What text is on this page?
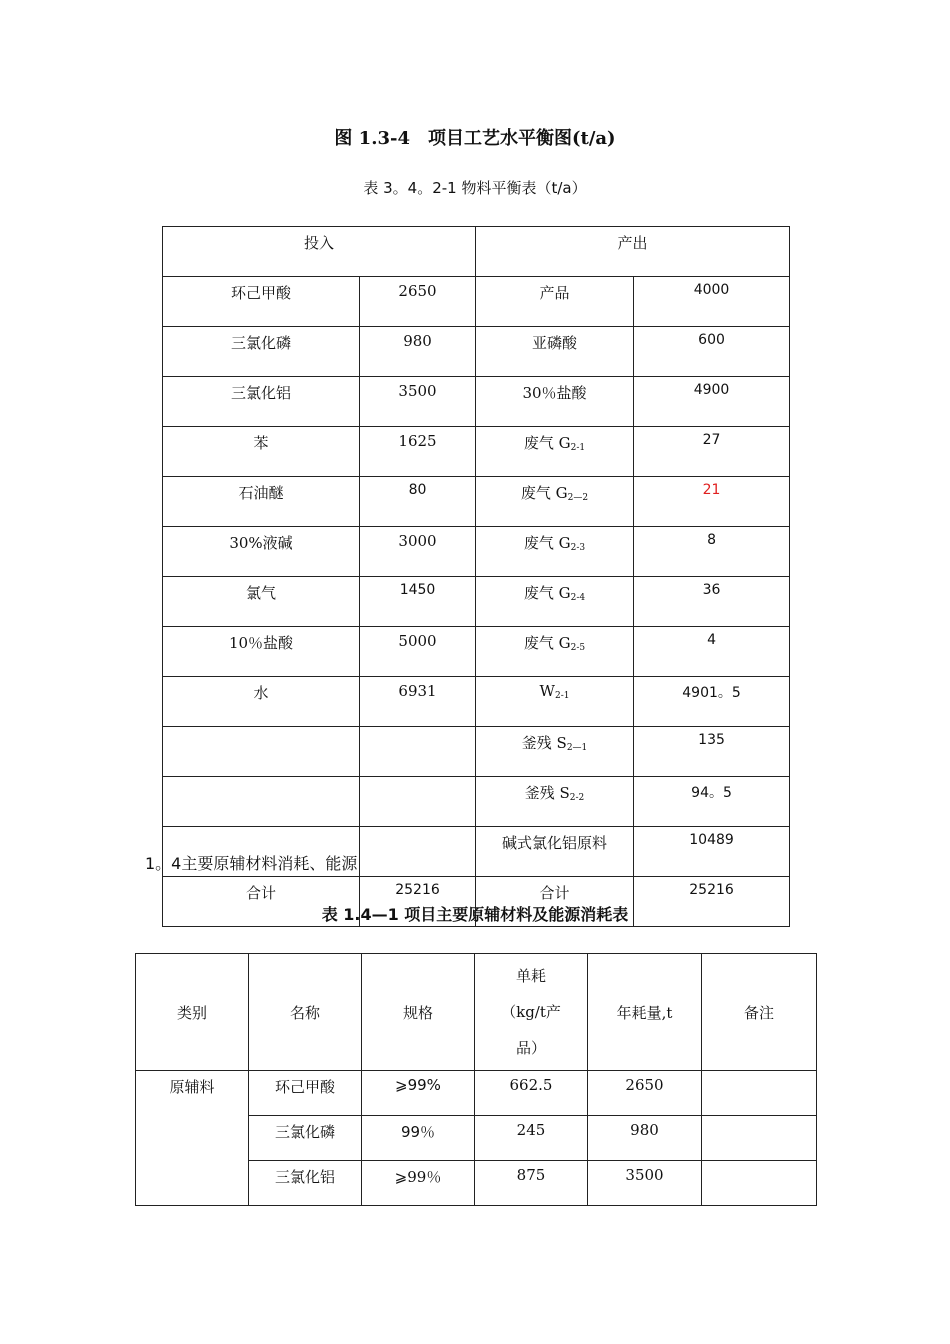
图 1.3-4　项目工艺水平衡图(t/a)
表 3。4。2-1 物料平衡表（t/a）
投入		产出	
环己甲酸	2650	产品	4000
三氯化磷	980	亚磷酸	600
三氯化铝	3500	30％盐酸	4900
苯	1625	废气 $G_{2-1}$	27
石油醚	80	废气 $G_{2—2}$	21
30%液碱	3000	废气 $G_{2-3}$	8
氯气	1450	废气 $G_{2-4}$	36
10％盐酸	5000	废气 $G_{2-5}$	4
水	6931	$W_{2-1}$	4901。5
		釜残 $S_{2—1}$	135
		釜残 $S_{2-2}$	94。5
		碱式氯化铝原料	10489
合计	25216	合计	25216
1。4主要原辅材料消耗、能源
表 1.4—1 项目主要原辅材料及能源消耗表
类别	名称	规格	单耗
（kg/t产
品）	年耗量,t	备注
原辅料	环己甲酸	⩾99%	662.5	2650	
	三氯化磷	99％	245	980	
	三氯化铝	⩾99％	875	3500	
